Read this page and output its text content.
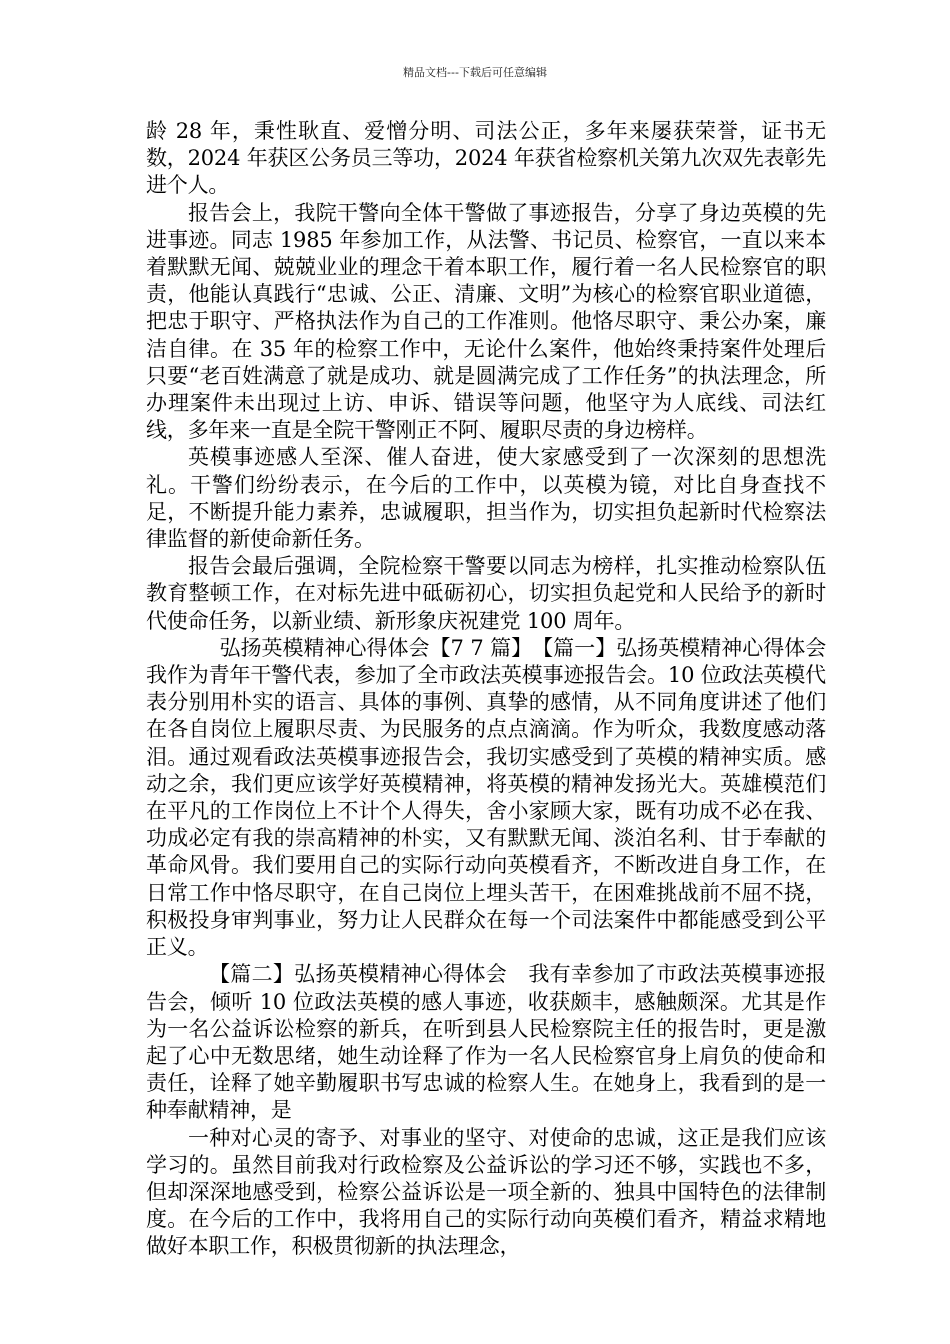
精品文档---下载后可任意编辑

龄 28 年，秉性耿直、爱憎分明、司法公正，多年来屡获荣誉，证书无数，2024 年获区公务员三等功，2024 年获省检察机关第九次双先表彰先进个人。

报告会上，我院干警向全体干警做了事迹报告，分享了身边英模的先进事迹。同志 1985 年参加工作，从法警、书记员、检察官，一直以来本着默默无闻、兢兢业业的理念干着本职工作，履行着一名人民检察官的职责，他能认真践行“忠诚、公正、清廉、文明”为核心的检察官职业道德，把忠于职守、严格执法作为自己的工作准则。他恪尽职守、秉公办案，廉洁自律。在 35 年的检察工作中，无论什么案件，他始终秉持案件处理后只要“老百姓满意了就是成功、就是圆满完成了工作任务”的执法理念，所办理案件未出现过上访、申诉、错误等问题，他坚守为人底线、司法红线，多年来一直是全院干警刚正不阿、履职尽责的身边榜样。

英模事迹感人至深、催人奋进，使大家感受到了一次深刻的思想洗礼。干警们纷纷表示，在今后的工作中，以英模为镜，对比自身查找不足，不断提升能力素养，忠诚履职，担当作为，切实担负起新时代检察法律监督的新使命新任务。

报告会最后强调，全院检察干警要以同志为榜样，扎实推动检察队伍教育整顿工作，在对标先进中砥砺初心，切实担负起党和人民给予的新时代使命任务，以新业绩、新形象庆祝建党 100 周年。

弘扬英模精神心得体会【7 7 篇】　【篇一】弘扬英模精神心得体会　我作为青年干警代表，参加了全市政法英模事迹报告会。10 位政法英模代表分别用朴实的语言、具体的事例、真挚的感情，从不同角度讲述了他们在各自岗位上履职尽责、为民服务的点点滴滴。作为听众，我数度感动落泪。通过观看政法英模事迹报告会，我切实感受到了英模的精神实质。感动之余，我们更应该学好英模精神，将英模的精神发扬光大。英雄模范们在平凡的工作岗位上不计个人得失，舍小家顾大家，既有功成不必在我、功成必定有我的崇高精神的朴实，又有默默无闻、淡泊名利、甘于奉献的革命风骨。我们要用自己的实际行动向英模看齐，不断改进自身工作，在日常工作中恪尽职守，在自己岗位上埋头苦干，在困难挑战前不屈不挠，积极投身审判事业，努力让人民群众在每一个司法案件中都能感受到公平正义。

【篇二】弘扬英模精神心得体会　我有幸参加了市政法英模事迹报告会，倾听 10 位政法英模的感人事迹，收获颇丰，感触颇深。尤其是作为一名公益诉讼检察的新兵，在听到县人民检察院主任的报告时，更是激起了心中无数思绪，她生动诠释了作为一名人民检察官身上肩负的使命和责任，诠释了她辛勤履职书写忠诚的检察人生。在她身上，我看到的是一种奉献精神，是

一种对心灵的寄予、对事业的坚守、对使命的忠诚，这正是我们应该学习的。虽然目前我对行政检察及公益诉讼的学习还不够，实践也不多，但却深深地感受到，检察公益诉讼是一项全新的、独具中国特色的法律制度。在今后的工作中，我将用自己的实际行动向英模们看齐，精益求精地做好本职工作，积极贯彻新的执法理念，
